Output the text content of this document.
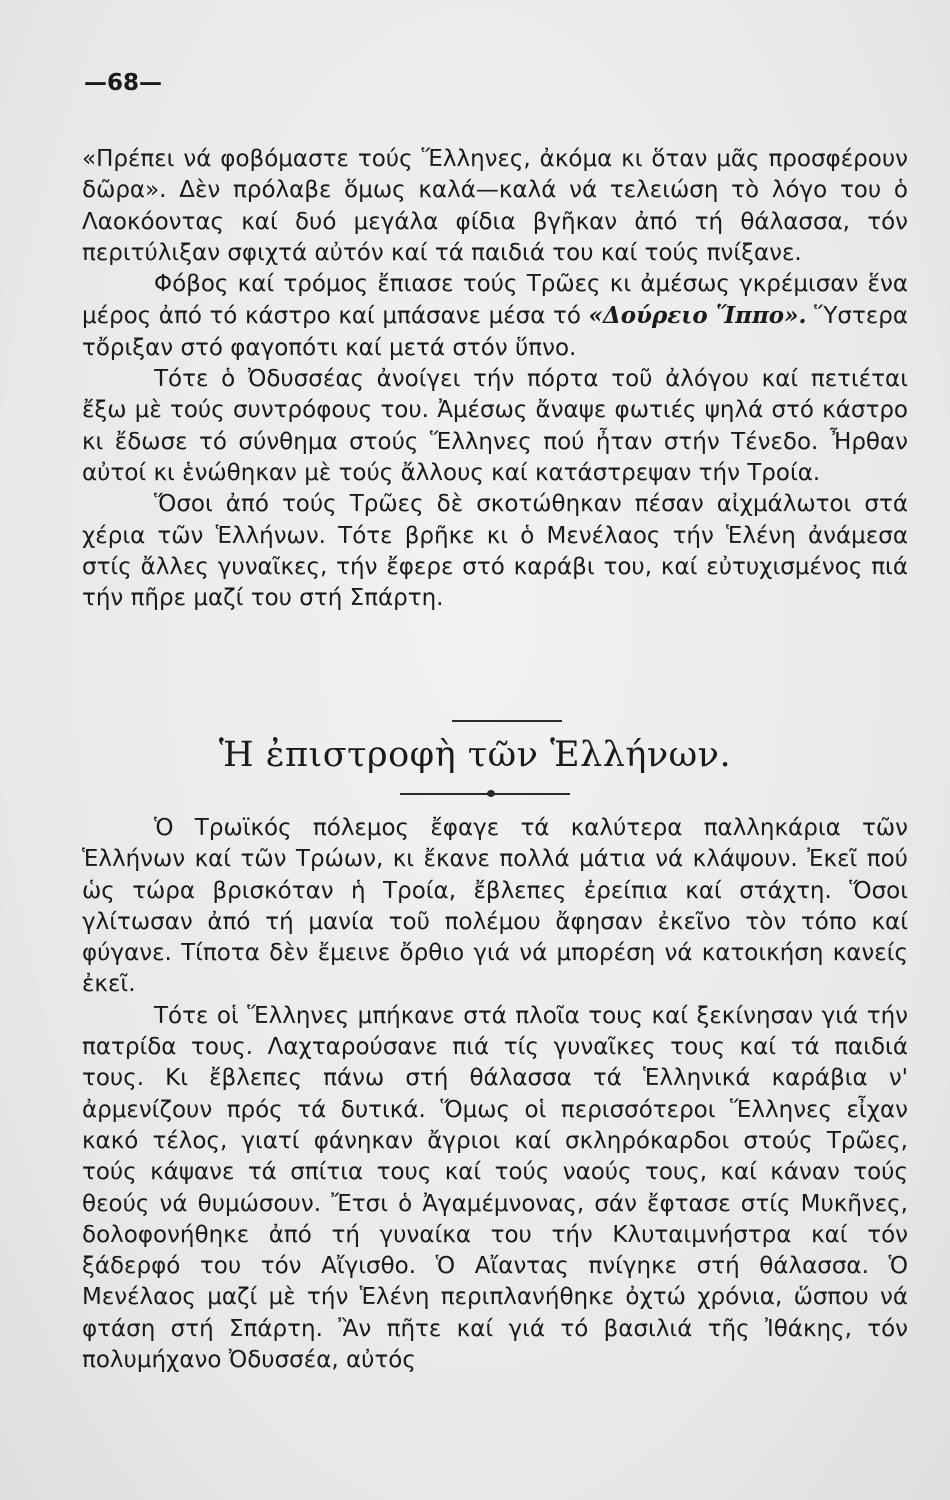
—68—

«Πρέπει νά φοβόμαστε τούς Ἕλληνες, ἀκόμα κι ὅταν μᾶς προσφέρουν δῶρα». Δὲν πρόλαβε ὅμως καλά—καλά νά τελειώση τὸ λόγο του ὁ Λαοκόοντας καί δυό μεγάλα φίδια βγῆκαν ἀπό τή θάλασσα, τόν περιτύλιξαν σφιχτά αὐτόν καί τά παιδιά του καί τούς πνίξανε.

Φόβος καί τρόμος ἔπιασε τούς Τρῶες κι ἀμέσως γκρέμισαν ἕνα μέρος ἀπό τό κάστρο καί μπάσανε μέσα τό «Δούρειο Ἵππο». Ὕστερα τὄριξαν στό φαγοπότι καί μετά στόν ὕπνο.

Τότε ὁ Ὀδυσσέας ἀνοίγει τήν πόρτα τοῦ ἀλόγου καί πετιέται ἔξω μὲ τούς συντρόφους του. Ἀμέσως ἄναψε φωτιές ψηλά στό κάστρο κι ἔδωσε τό σύνθημα στούς Ἕλληνες πού ἦταν στήν Τένεδο. Ἦρθαν αὐτοί κι ἑνώθηκαν μὲ τούς ἄλλους καί κατάστρεψαν τήν Τροία.

Ὅσοι ἀπό τούς Τρῶες δὲ σκοτώθηκαν πέσαν αἰχμάλωτοι στά χέρια τῶν Ἑλλήνων. Τότε βρῆκε κι ὁ Μενέλαος τήν Ἑλένη ἀνάμεσα στίς ἄλλες γυναῖκες, τήν ἔφερε στό καράβι του, καί εὐτυχισμένος πιά τήν πῆρε μαζί του στή Σπάρτη.

Ἡ ἐπιστροφὴ τῶν Ἑλλήνων.

Ὁ Τρωϊκός πόλεμος ἔφαγε τά καλύτερα παλληκάρια τῶν Ἑλλήνων καί τῶν Τρώων, κι ἔκανε πολλά μάτια νά κλάψουν. Ἐκεῖ πού ὡς τώρα βρισκόταν ἡ Τροία, ἔβλεπες ἐρείπια καί στάχτη. Ὅσοι γλίτωσαν ἀπό τή μανία τοῦ πολέμου ἄφησαν ἐκεῖνο τὸν τόπο καί φύγανε. Τίποτα δὲν ἔμεινε ὄρθιο γιά νά μπορέση νά κατοικήση κανείς ἐκεῖ.

Τότε οἱ Ἕλληνες μπήκανε στά πλοῖα τους καί ξεκίνησαν γιά τήν πατρίδα τους. Λαχταρούσανε πιά τίς γυναῖκες τους καί τά παιδιά τους. Κι ἔβλεπες πάνω στή θάλασσα τά Ἑλληνικά καράβια ν' ἀρμενίζουν πρός τά δυτικά. Ὅμως οἱ περισσότεροι Ἕλληνες εἶχαν κακό τέλος, γιατί φάνηκαν ἄγριοι καί σκληρόκαρδοι στούς Τρῶες, τούς κάψανε τά σπίτια τους καί τούς ναούς τους, καί κάναν τούς θεούς νά θυμώσουν. Ἔτσι ὁ Ἀγαμέμνονας, σάν ἔφτασε στίς Μυκῆνες, δολοφονήθηκε ἀπό τή γυναίκα του τήν Κλυταιμνήστρα καί τόν ξάδερφό του τόν Αἴγισθο. Ὁ Αἴαντας πνίγηκε στή θάλασσα. Ὁ Μενέλαος μαζί μὲ τήν Ἑλένη περιπλανήθηκε ὀχτώ χρόνια, ὥσπου νά φτάση στή Σπάρτη. Ἂν πῆτε καί γιά τό βασιλιά τῆς Ἰθάκης, τόν πολυμήχανο Ὀδυσσέα, αὐτός
